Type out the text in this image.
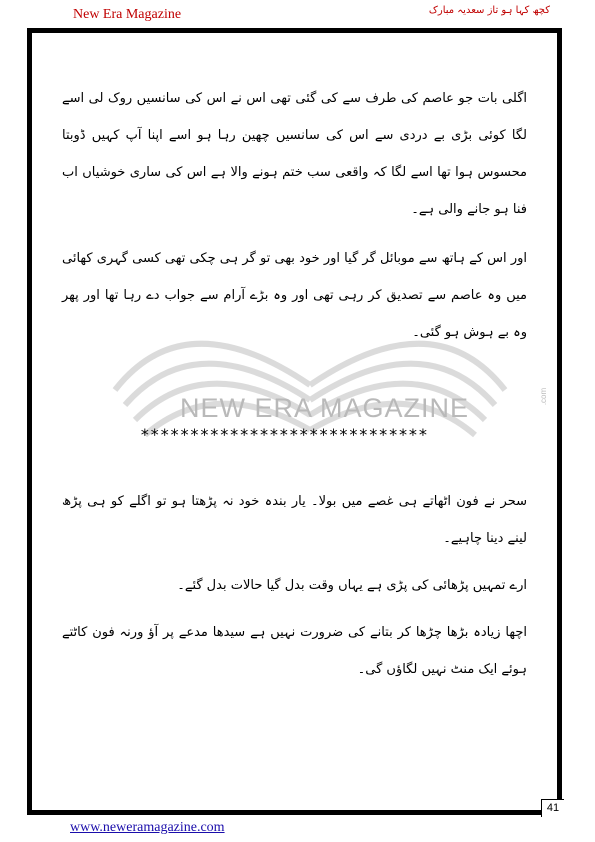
New Era Magazine	کچھ کہا ہو تاز سعدیہ مبارک
NEW ERA MAGAZINE	.com

اگلی بات جو عاصم کی طرف سے کی گئی تھی اس نے اس کی سانسیں روک لی اسے لگا کوئی بڑی بے دردی سے اس کی سانسیں چھین رہا ہو اسے اپنا آپ کہیں ڈوبتا محسوس ہوا تھا اسے لگا کہ واقعی سب ختم ہونے والا ہے اس کی ساری خوشیاں اب فنا ہو جانے والی ہے۔

اور اس کے ہاتھ سے موبائل گر گیا اور خود بھی تو گر ہی چکی تھی کسی گہری کھائی میں وہ عاصم سے تصدیق کر رہی تھی اور وہ بڑے آرام سے جواب دے رہا تھا اور پھر وہ بے ہوش ہو گئی۔

*****************************

سحر نے فون اٹھاتے ہی غصے میں بولا۔ یار بندہ خود نہ پڑھتا ہو تو اگلے کو ہی پڑھ لینے دینا چاہیے۔

ارے تمہیں پڑھائی کی پڑی ہے یہاں وقت بدل گیا حالات بدل گئے۔

اچھا زیادہ بڑھا چڑھا کر بتانے کی ضرورت نہیں ہے سیدھا مدعے پر آؤ ورنہ فون کاٹتے ہوئے ایک منٹ نہیں لگاؤں گی۔

41
www.neweramagazine.com
